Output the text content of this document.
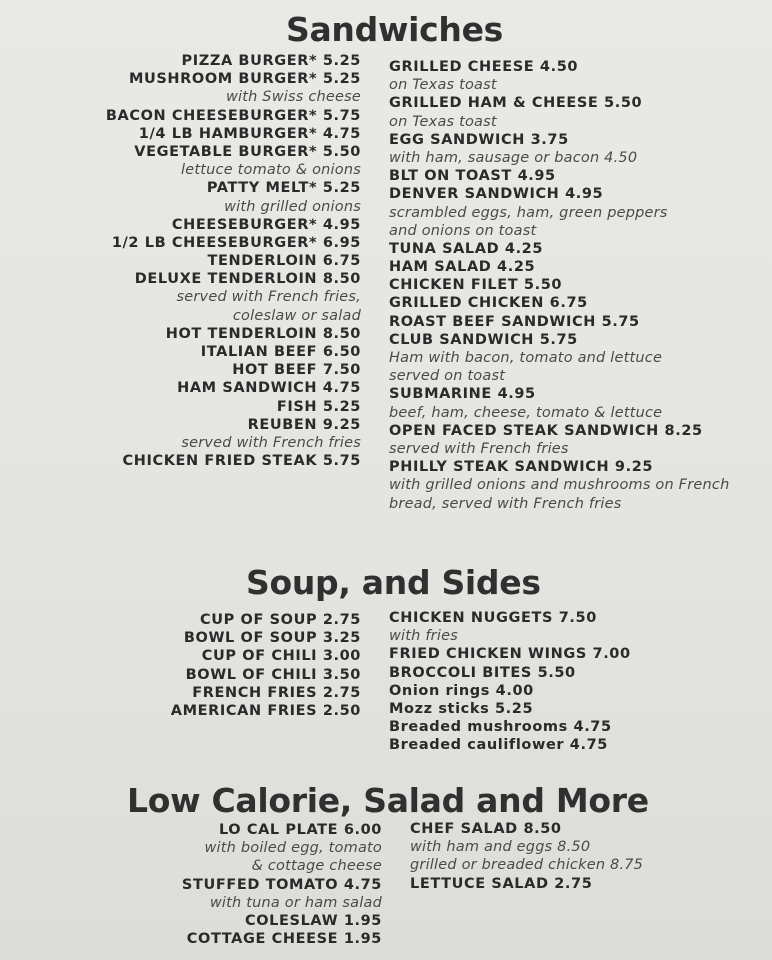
Sandwiches
PIZZA BURGER* 5.25
MUSHROOM BURGER* 5.25
with Swiss cheese
BACON CHEESEBURGER* 5.75
1/4 LB HAMBURGER* 4.75
VEGETABLE BURGER* 5.50
lettuce tomato & onions
PATTY MELT* 5.25
with grilled onions
CHEESEBURGER* 4.95
1/2 LB CHEESEBURGER* 6.95
TENDERLOIN 6.75
DELUXE TENDERLOIN 8.50
served with French fries,
coleslaw or salad
HOT TENDERLOIN 8.50
ITALIAN BEEF 6.50
HOT BEEF 7.50
HAM SANDWICH 4.75
FISH 5.25
REUBEN 9.25
served with French fries
CHICKEN FRIED STEAK 5.75
GRILLED CHEESE 4.50
on Texas toast
GRILLED HAM & CHEESE 5.50
on Texas toast
EGG SANDWICH 3.75
with ham, sausage or bacon 4.50
BLT ON TOAST 4.95
DENVER SANDWICH 4.95
scrambled eggs, ham, green peppers
and onions on toast
TUNA SALAD 4.25
HAM SALAD 4.25
CHICKEN FILET 5.50
GRILLED CHICKEN 6.75
ROAST BEEF SANDWICH 5.75
CLUB SANDWICH 5.75
Ham with bacon, tomato and lettuce
served on toast
SUBMARINE 4.95
beef, ham, cheese, tomato & lettuce
OPEN FACED STEAK SANDWICH 8.25
served with French fries
PHILLY STEAK SANDWICH 9.25
with grilled onions and mushrooms on French
bread, served with French fries
Soup, and Sides
CUP OF SOUP 2.75
BOWL OF SOUP 3.25
CUP OF CHILI 3.00
BOWL OF CHILI 3.50
FRENCH FRIES 2.75
AMERICAN FRIES 2.50
CHICKEN NUGGETS 7.50
with fries
FRIED CHICKEN WINGS 7.00
BROCCOLI BITES 5.50
Onion rings 4.00
Mozz sticks 5.25
Breaded mushrooms 4.75
Breaded cauliflower 4.75
Low Calorie, Salad and More
LO CAL PLATE 6.00
with boiled egg, tomato
& cottage cheese
STUFFED TOMATO 4.75
with tuna or ham salad
COLESLAW 1.95
COTTAGE CHEESE 1.95
CHEF SALAD 8.50
with ham and eggs 8.50
grilled or breaded chicken 8.75
LETTUCE SALAD 2.75
